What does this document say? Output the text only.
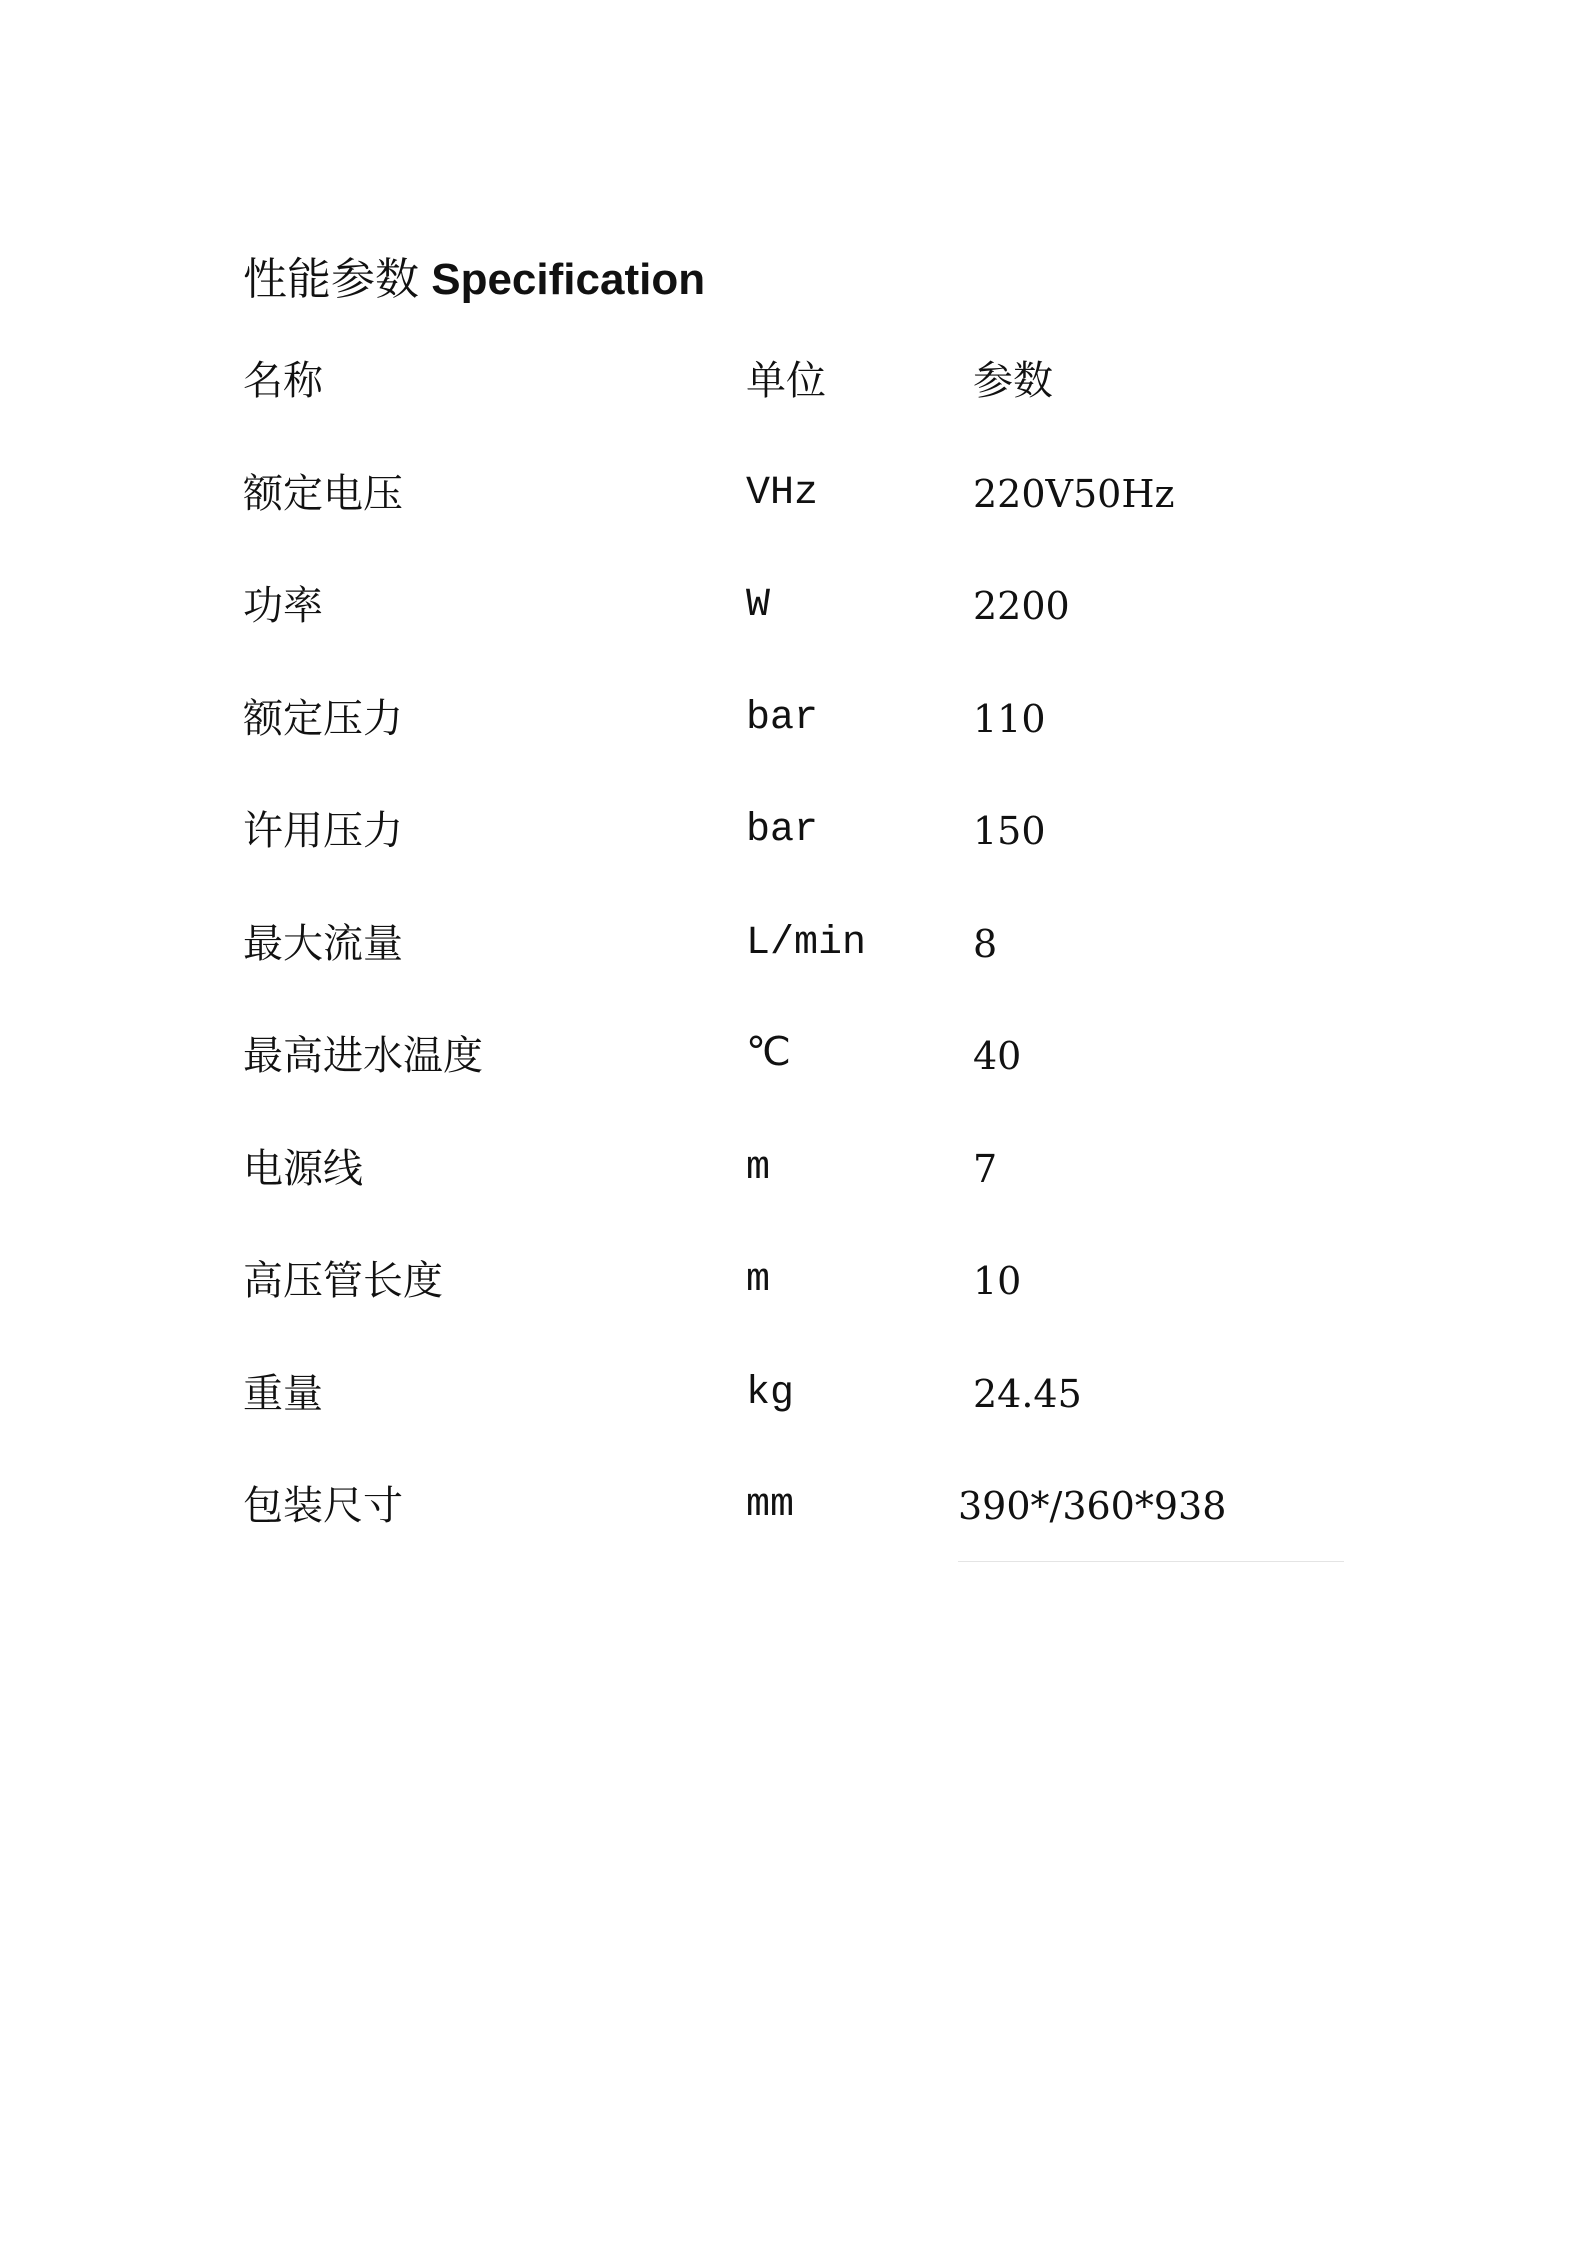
性能参数 Specification
名称	单位	参数
额定电压	VHz	220V50Hz
功率	W	2200
额定压力	bar	110
许用压力	bar	150
最大流量	L/min	8
最高进水温度	℃	40
电源线	m	7
高压管长度	m	10
重量	kg	24.45
包装尺寸	mm	390*/360*938
